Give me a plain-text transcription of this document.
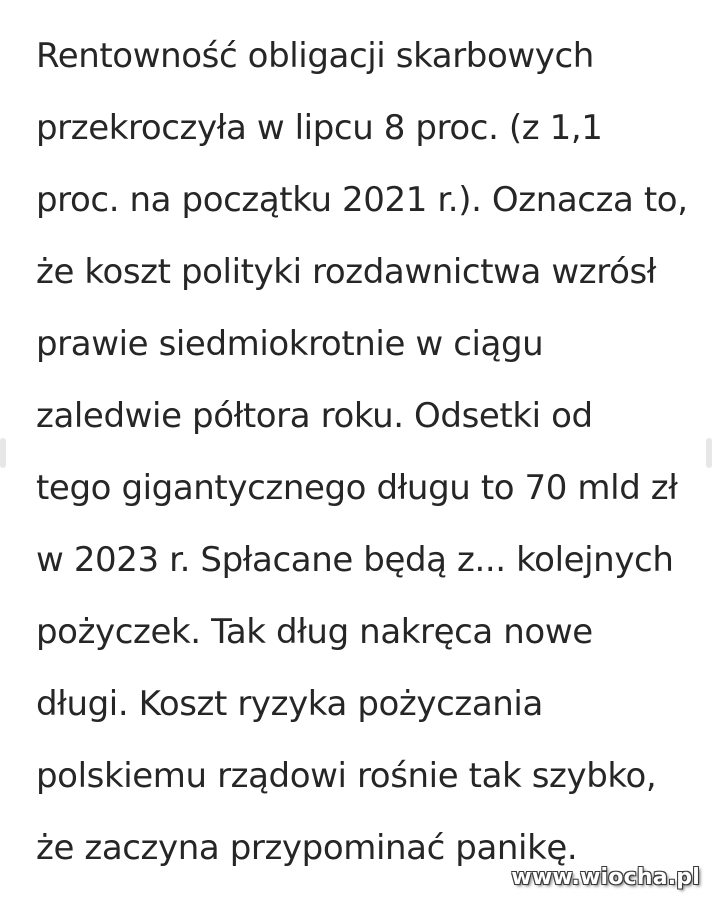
Rentowność obligacji skarbowych
przekroczyła w lipcu 8 proc. (z 1,1
proc. na początku 2021 r.). Oznacza to,
że koszt polityki rozdawnictwa wzrósł
prawie siedmiokrotnie w ciągu
zaledwie półtora roku. Odsetki od
tego gigantycznego długu to 70 mld zł
w 2023 r. Spłacane będą z... kolejnych
pożyczek. Tak dług nakręca nowe
długi. Koszt ryzyka pożyczania
polskiemu rządowi rośnie tak szybko,
że zaczyna przypominać panikę.
www.wiocha.pl
